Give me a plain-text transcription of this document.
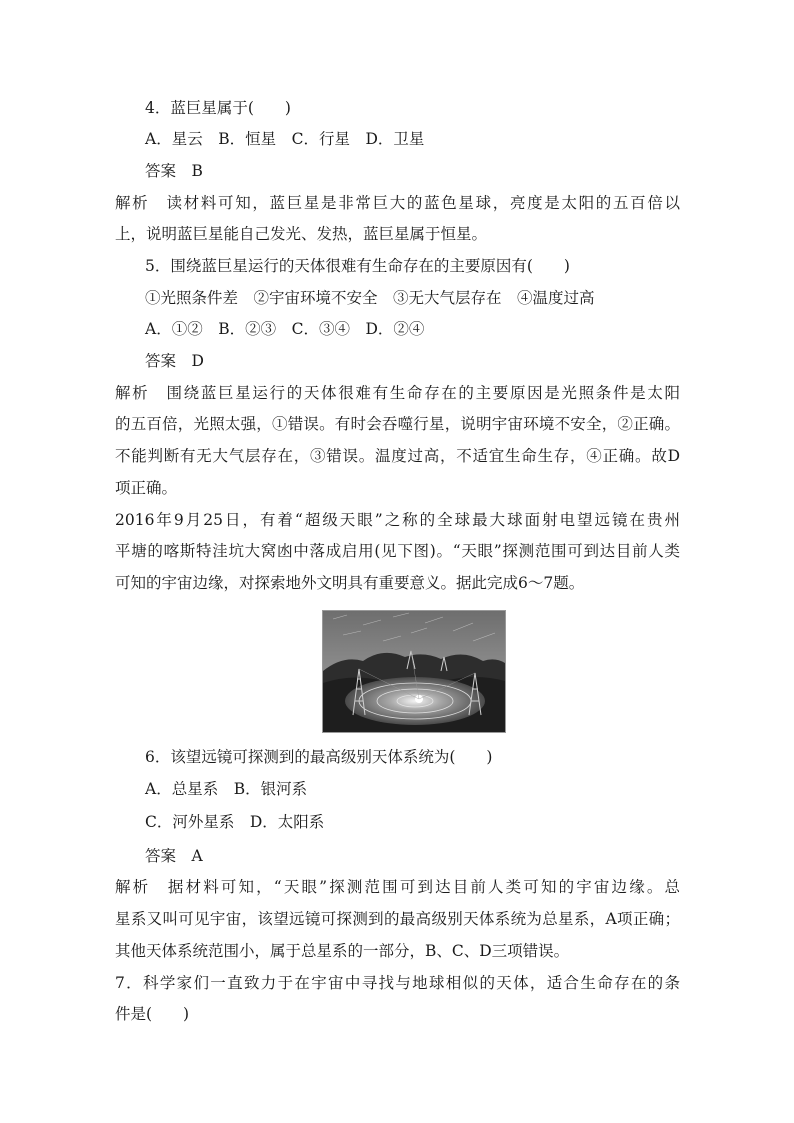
4．蓝巨星属于(　　)
A．星云　B．恒星　C．行星　D．卫星
答案　B
解析　读材料可知，蓝巨星是非常巨大的蓝色星球，亮度是太阳的五百倍以
上，说明蓝巨星能自己发光、发热，蓝巨星属于恒星。
5．围绕蓝巨星运行的天体很难有生命存在的主要原因有(　　)
①光照条件差　②宇宙环境不安全　③无大气层存在　④温度过高
A．①②　B．②③　C．③④　D．②④
答案　D
解析　围绕蓝巨星运行的天体很难有生命存在的主要原因是光照条件是太阳
的五百倍，光照太强，①错误。有时会吞噬行星，说明宇宙环境不安全，②正确。
不能判断有无大气层存在，③错误。温度过高，不适宜生命生存，④正确。故D
项正确。
2016年9月25日，有着“超级天眼”之称的全球最大球面射电望远镜在贵州
平塘的喀斯特洼坑大窝凼中落成启用(见下图)。“天眼”探测范围可到达目前人类
可知的宇宙边缘，对探索地外文明具有重要意义。据此完成6～7题。
6．该望远镜可探测到的最高级别天体系统为(　　)
A．总星系　B．银河系
C．河外星系　D．太阳系
答案　A
解析　据材料可知，“天眼”探测范围可到达目前人类可知的宇宙边缘。总
星系又叫可见宇宙，该望远镜可探测到的最高级别天体系统为总星系，A项正确；
其他天体系统范围小，属于总星系的一部分，B、C、D三项错误。
7．科学家们一直致力于在宇宙中寻找与地球相似的天体，适合生命存在的条
件是(　　)
